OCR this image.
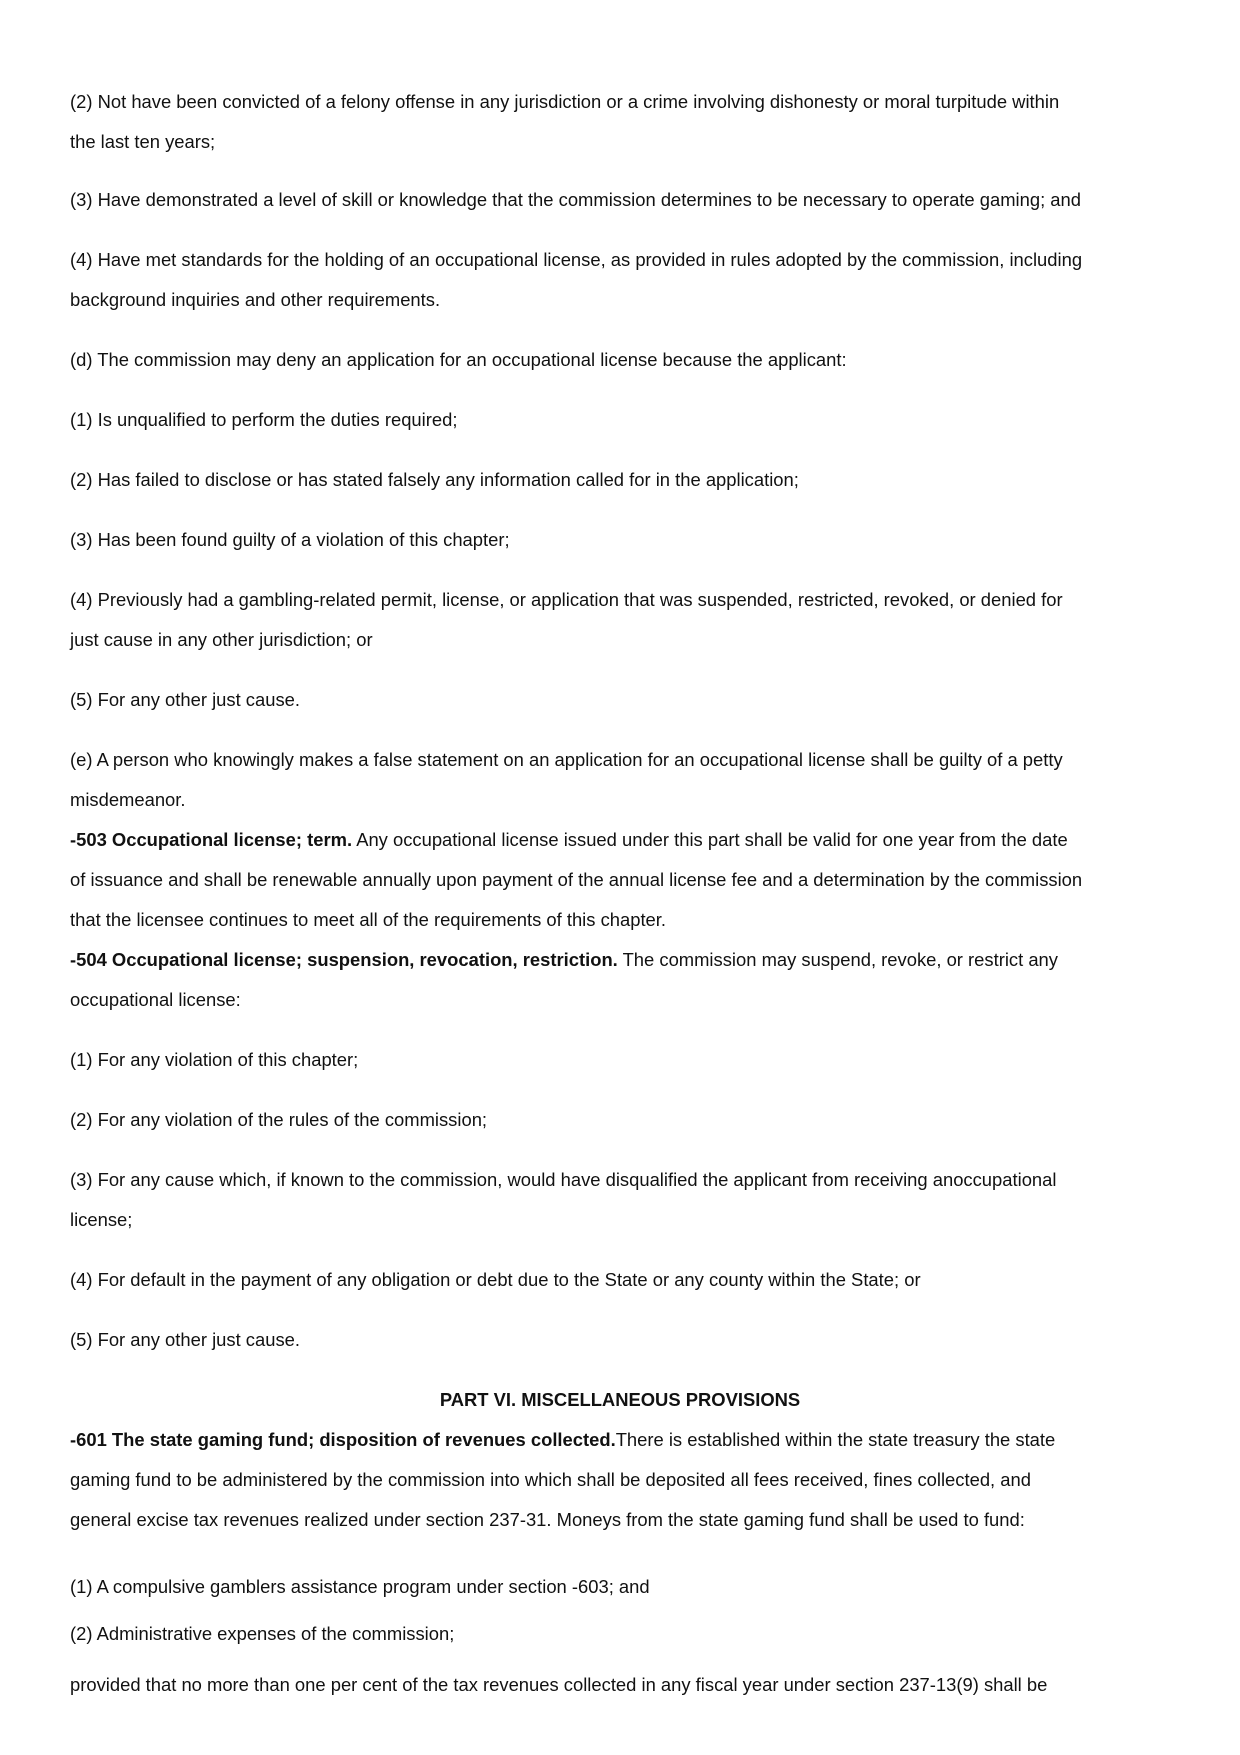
(2) Not have been convicted of a felony offense in any jurisdiction or a crime involving dishonesty or moral turpitude within
the last ten years;

(3) Have demonstrated a level of skill or knowledge that the commission determines to be necessary to operate gaming; and

(4) Have met standards for the holding of an occupational license, as provided in rules adopted by the commission, including
background inquiries and other requirements.

(d) The commission may deny an application for an occupational license because the applicant:

(1) Is unqualified to perform the duties required;

(2) Has failed to disclose or has stated falsely any information called for in the application;

(3) Has been found guilty of a violation of this chapter;

(4) Previously had a gambling-related permit, license, or application that was suspended, restricted, revoked, or denied for
just cause in any other jurisdiction; or

(5) For any other just cause.

(e) A person who knowingly makes a false statement on an application for an occupational license shall be guilty of a petty
misdemeanor.

-503 Occupational license; term. Any occupational license issued under this part shall be valid for one year from the date
of issuance and shall be renewable annually upon payment of the annual license fee and a determination by the commission
that the licensee continues to meet all of the requirements of this chapter.

-504 Occupational license; suspension, revocation, restriction. The commission may suspend, revoke, or restrict any
occupational license:

(1) For any violation of this chapter;

(2) For any violation of the rules of the commission;

(3) For any cause which, if known to the commission, would have disqualified the applicant from receiving anoccupational
license;

(4) For default in the payment of any obligation or debt due to the State or any county within the State; or

(5) For any other just cause.

PART VI. MISCELLANEOUS PROVISIONS

-601 The state gaming fund; disposition of revenues collected.There is established within the state treasury the state
gaming fund to be administered by the commission into which shall be deposited all fees received, fines collected, and
general excise tax revenues realized under section 237-31. Moneys from the state gaming fund shall be used to fund:

(1) A compulsive gamblers assistance program under section -603; and

(2) Administrative expenses of the commission;

provided that no more than one per cent of the tax revenues collected in any fiscal year under section 237-13(9) shall be
